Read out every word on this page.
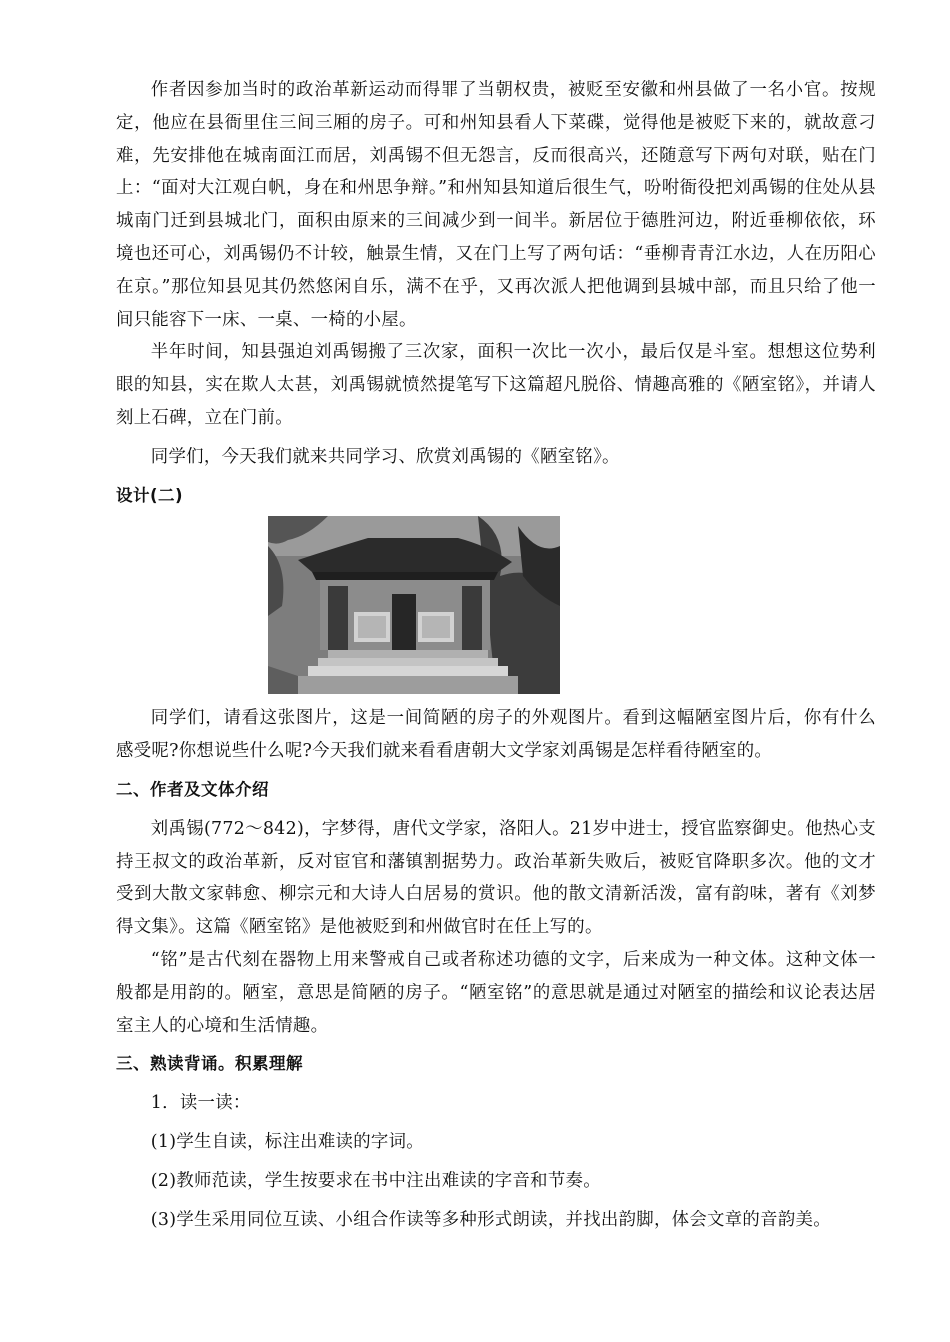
作者因参加当时的政治革新运动而得罪了当朝权贵，被贬至安徽和州县做了一名小官。按规定，他应在县衙里住三间三厢的房子。可和州知县看人下菜碟，觉得他是被贬下来的，就故意刁难，先安排他在城南面江而居，刘禹锡不但无怨言，反而很高兴，还随意写下两句对联，贴在门上：“面对大江观白帆，身在和州思争辩。”和州知县知道后很生气，吩咐衙役把刘禹锡的住处从县城南门迁到县城北门，面积由原来的三间减少到一间半。新居位于德胜河边，附近垂柳依依，环境也还可心，刘禹锡仍不计较，触景生情，又在门上写了两句话：“垂柳青青江水边，人在历阳心在京。”那位知县见其仍然悠闲自乐，满不在乎，又再次派人把他调到县城中部，而且只给了他一间只能容下一床、一桌、一椅的小屋。

半年时间，知县强迫刘禹锡搬了三次家，面积一次比一次小，最后仅是斗室。想想这位势利眼的知县，实在欺人太甚，刘禹锡就愤然提笔写下这篇超凡脱俗、情趣高雅的《陋室铭》，并请人刻上石碑，立在门前。

同学们，今天我们就来共同学习、欣赏刘禹锡的《陋室铭》。

设计(二)

同学们，请看这张图片，这是一间简陋的房子的外观图片。看到这幅陋室图片后，你有什么感受呢?你想说些什么呢?今天我们就来看看唐朝大文学家刘禹锡是怎样看待陋室的。

二、作者及文体介绍

刘禹锡(772～842)，字梦得，唐代文学家，洛阳人。21岁中进士，授官监察御史。他热心支持王叔文的政治革新，反对宦官和藩镇割据势力。政治革新失败后，被贬官降职多次。他的文才受到大散文家韩愈、柳宗元和大诗人白居易的赏识。他的散文清新活泼，富有韵味，著有《刘梦得文集》。这篇《陋室铭》是他被贬到和州做官时在任上写的。

“铭”是古代刻在器物上用来警戒自己或者称述功德的文字，后来成为一种文体。这种文体一般都是用韵的。陋室，意思是简陋的房子。“陋室铭”的意思就是通过对陋室的描绘和议论表达居室主人的心境和生活情趣。

三、熟读背诵。积累理解

1．读一读：

(1)学生自读，标注出难读的字词。

(2)教师范读，学生按要求在书中注出难读的字音和节奏。

(3)学生采用同位互读、小组合作读等多种形式朗读，并找出韵脚，体会文章的音韵美。
